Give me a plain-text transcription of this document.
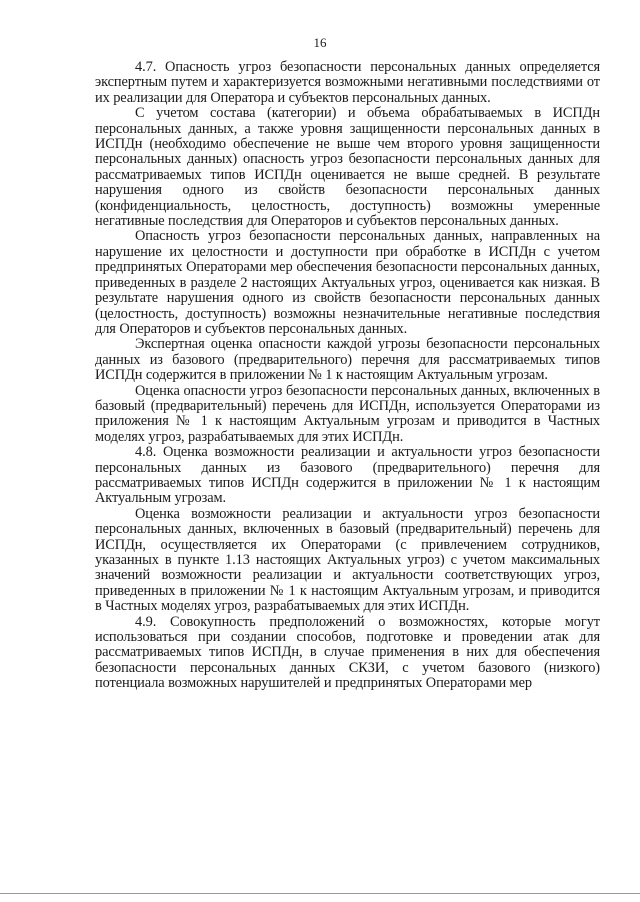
16

4.7. Опасность угроз безопасности персональных данных определяется экспертным путем и характеризуется возможными негативными последствиями от их реализации для Оператора и субъектов персональных данных.

С учетом состава (категории) и объема обрабатываемых в ИСПДн персональных данных, а также уровня защищенности персональных данных в ИСПДн (необходимо обеспечение не выше чем второго уровня защищенности персональных данных) опасность угроз безопасности персональных данных для рассматриваемых типов ИСПДн оценивается не выше средней. В результате нарушения одного из свойств безопасности персональных данных (конфиденциальность, целостность, доступность) возможны умеренные негативные последствия для Операторов и субъектов персональных данных.

Опасность угроз безопасности персональных данных, направленных на нарушение их целостности и доступности при обработке в ИСПДн с учетом предпринятых Операторами мер обеспечения безопасности персональных данных, приведенных в разделе 2 настоящих Актуальных угроз, оценивается как низкая. В результате нарушения одного из свойств безопасности персональных данных (целостность, доступность) возможны незначительные негативные последствия для Операторов и субъектов персональных данных.

Экспертная оценка опасности каждой угрозы безопасности персональных данных из базового (предварительного) перечня для рассматриваемых типов ИСПДн содержится в приложении № 1 к настоящим Актуальным угрозам.

Оценка опасности угроз безопасности персональных данных, включенных в базовый (предварительный) перечень для ИСПДн, используется Операторами из приложения № 1 к настоящим Актуальным угрозам и приводится в Частных моделях угроз, разрабатываемых для этих ИСПДн.

4.8. Оценка возможности реализации и актуальности угроз безопасности персональных данных из базового (предварительного) перечня для рассматриваемых типов ИСПДн содержится в приложении № 1 к настоящим Актуальным угрозам.

Оценка возможности реализации и актуальности угроз безопасности персональных данных, включенных в базовый (предварительный) перечень для ИСПДн, осуществляется их Операторами (с привлечением сотрудников, указанных в пункте 1.13 настоящих Актуальных угроз) с учетом максимальных значений возможности реализации и актуальности соответствующих угроз, приведенных в приложении № 1 к настоящим Актуальным угрозам, и приводится в Частных моделях угроз, разрабатываемых для этих ИСПДн.

4.9. Совокупность предположений о возможностях, которые могут использоваться при создании способов, подготовке и проведении атак для рассматриваемых типов ИСПДн, в случае применения в них для обеспечения безопасности персональных данных СКЗИ, с учетом базового (низкого) потенциала возможных нарушителей и предпринятых Операторами мер
